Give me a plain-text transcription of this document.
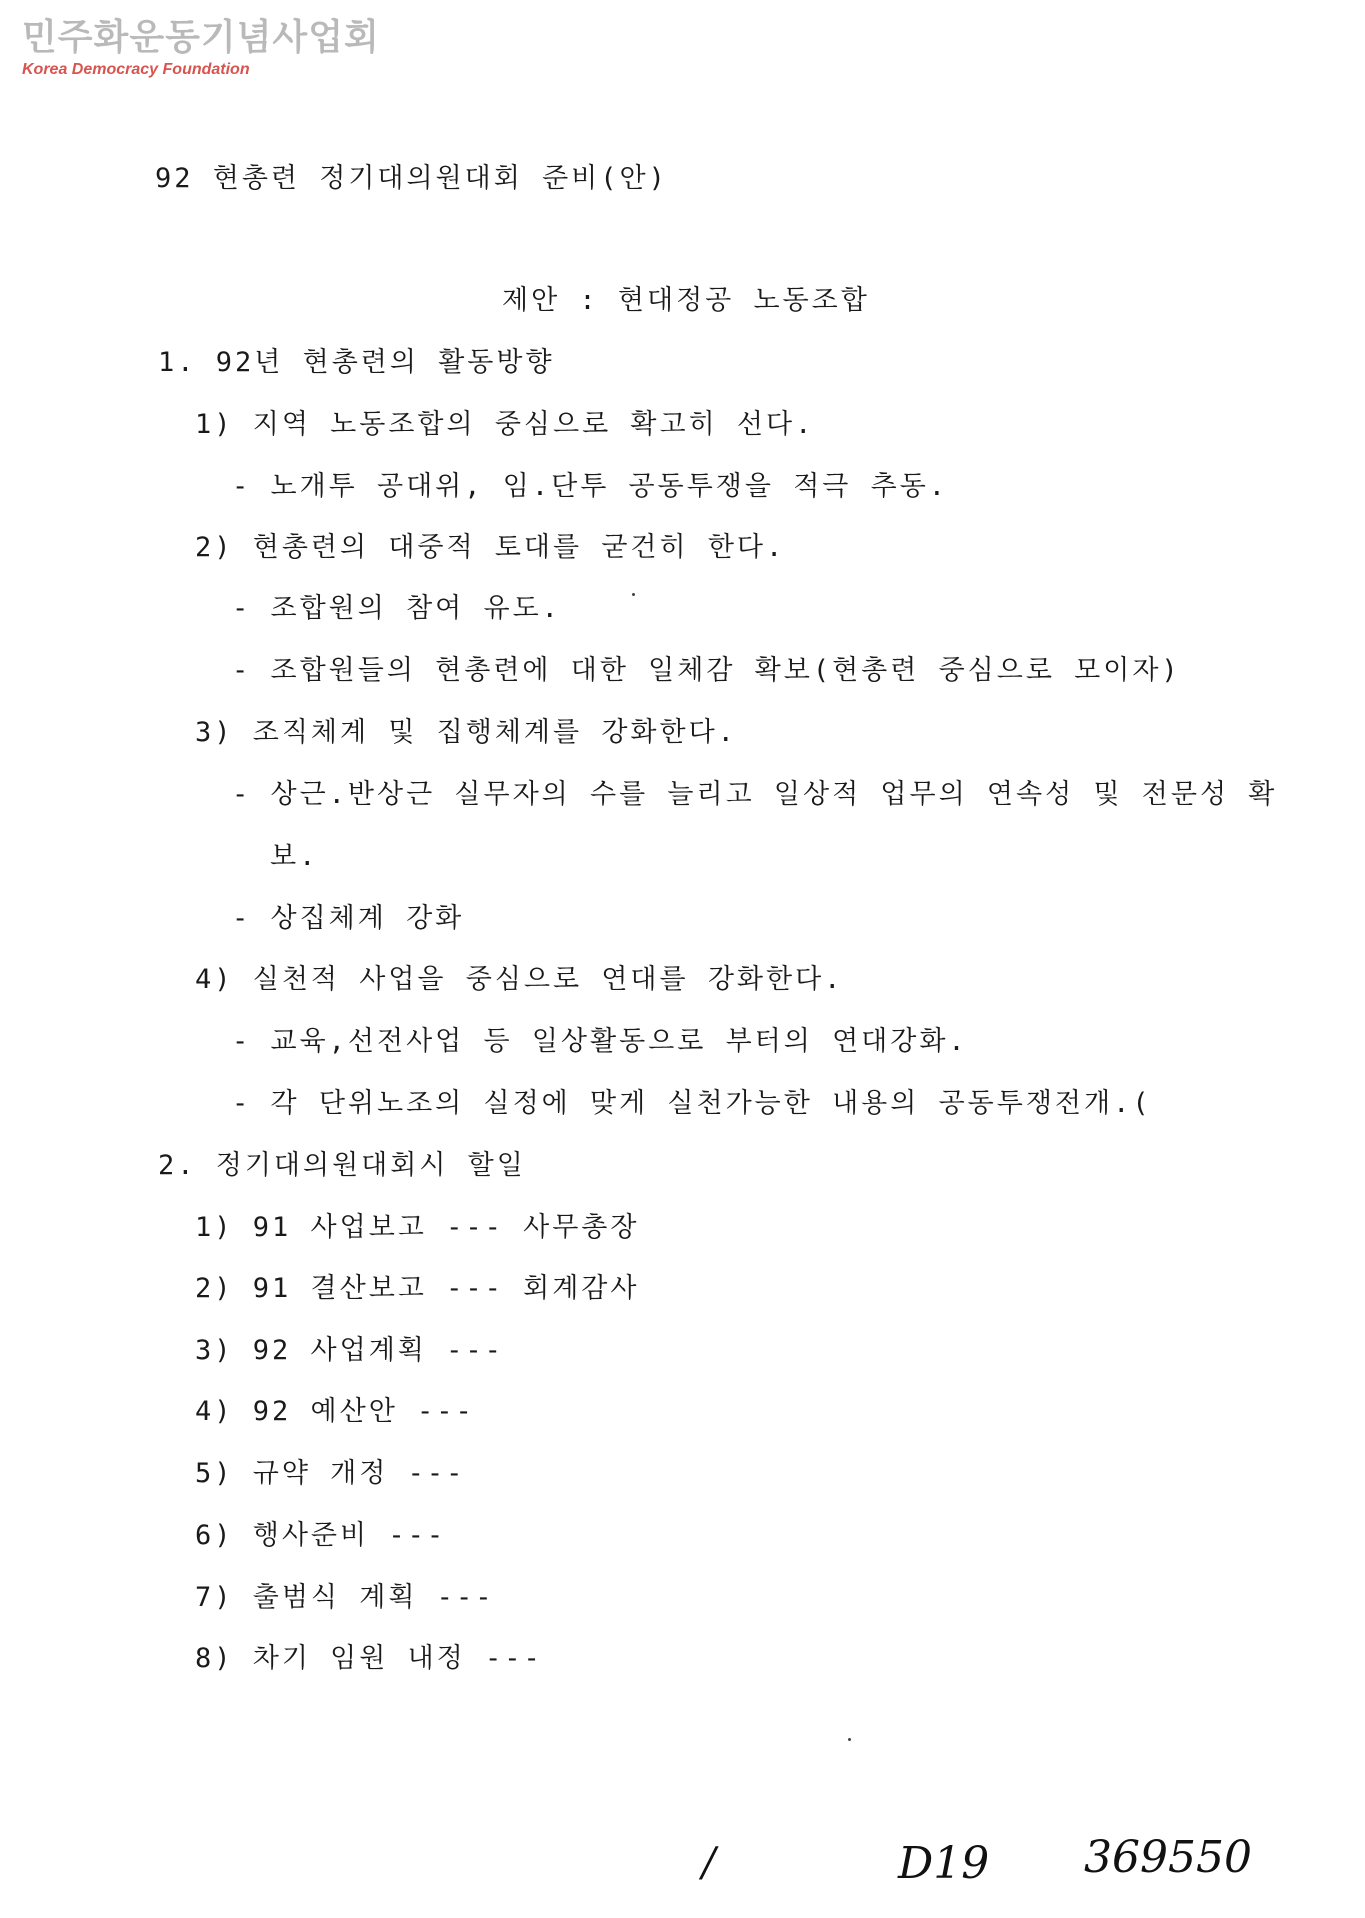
민주화운동기념사업회
Korea Democracy Foundation
92 현총련 정기대의원대회 준비(안)
제안 : 현대정공 노동조합
1. 92년 현총련의 활동방향
1) 지역 노동조합의 중심으로 확고히 선다.
- 노개투 공대위, 임.단투 공동투쟁을 적극 추동.
2) 현총련의 대중적 토대를 굳건히 한다.
- 조합원의 참여 유도.
- 조합원들의 현총련에 대한 일체감 확보(현총련 중심으로 모이자)
3) 조직체계 및 집행체계를 강화한다.
- 상근.반상근 실무자의 수를 늘리고 일상적 업무의 연속성 및 전문성 확
보.
- 상집체계 강화
4) 실천적 사업을 중심으로 연대를 강화한다.
- 교육,선전사업 등 일상활동으로 부터의 연대강화.
- 각 단위노조의 실정에 맞게 실천가능한 내용의 공동투쟁전개.(
2. 정기대의원대회시 할일
1) 91 사업보고 --- 사무총장
2) 91 결산보고 --- 회계감사
3) 92 사업계획 ---
4) 92 예산안 ---
5) 규약 개정 ---
6) 행사준비 ---
7) 출범식 계획 ---
8) 차기 임원 내정 ---
/	D19 369550
